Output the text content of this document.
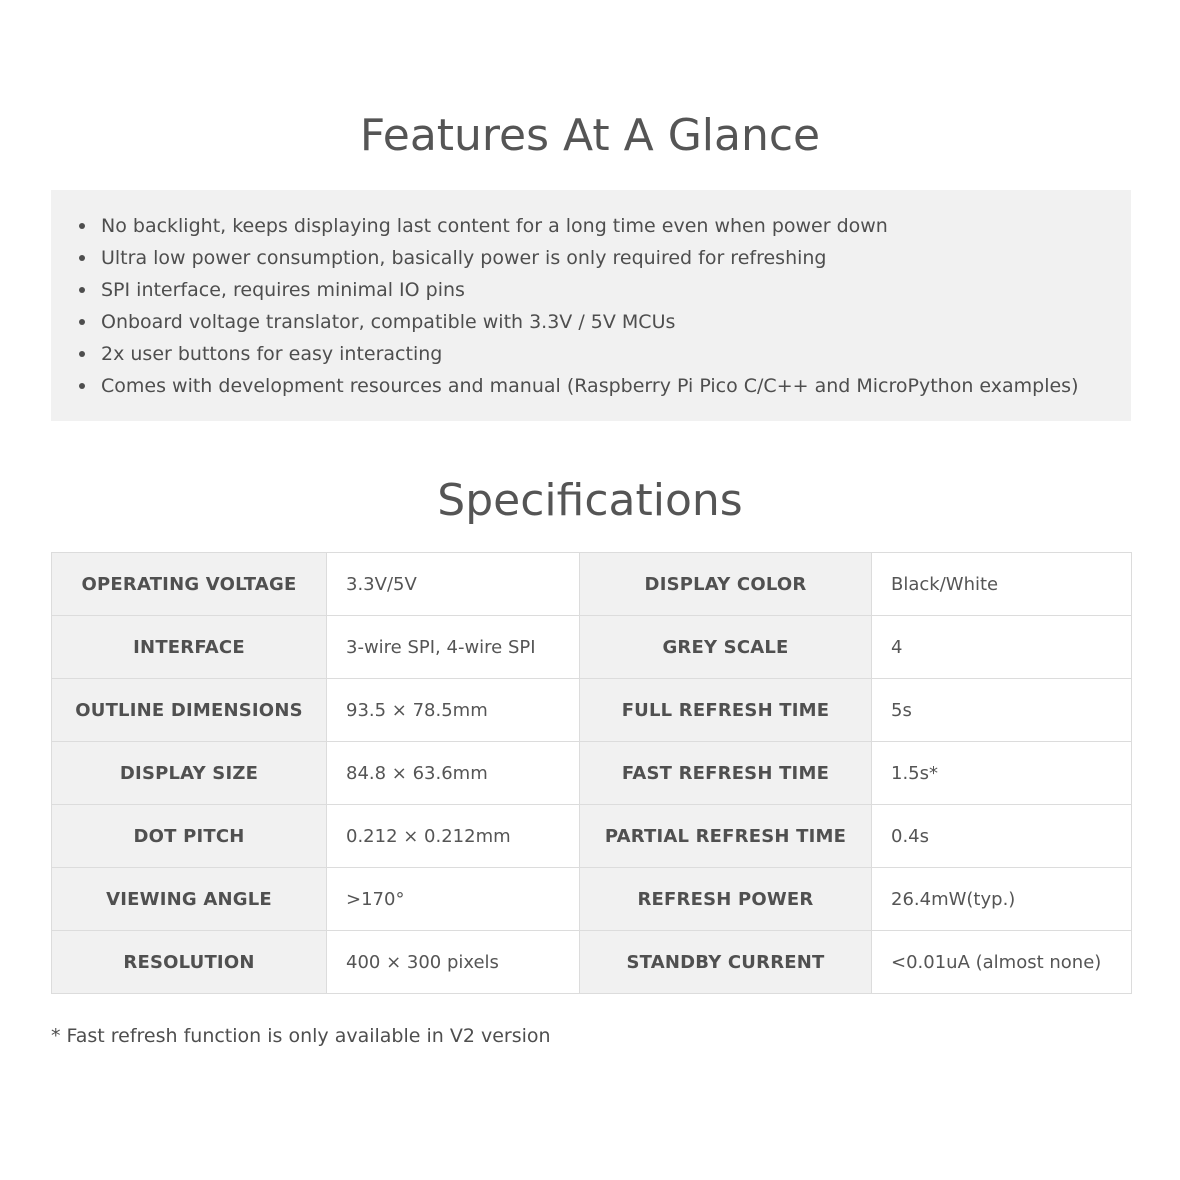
Features At A Glance
No backlight, keeps displaying last content for a long time even when power down
Ultra low power consumption, basically power is only required for refreshing
SPI interface, requires minimal IO pins
Onboard voltage translator, compatible with 3.3V / 5V MCUs
2x user buttons for easy interacting
Comes with development resources and manual (Raspberry Pi Pico C/C++ and MicroPython examples)
Specifications
OPERATING VOLTAGE	3.3V/5V	DISPLAY COLOR	Black/White
INTERFACE	3-wire SPI, 4-wire SPI	GREY SCALE	4
OUTLINE DIMENSIONS	93.5 × 78.5mm	FULL REFRESH TIME	5s
DISPLAY SIZE	84.8 × 63.6mm	FAST REFRESH TIME	1.5s*
DOT PITCH	0.212 × 0.212mm	PARTIAL REFRESH TIME	0.4s
VIEWING ANGLE	>170°	REFRESH POWER	26.4mW(typ.)
RESOLUTION	400 × 300 pixels	STANDBY CURRENT	<0.01uA (almost none)

* Fast refresh function is only available in V2 version
